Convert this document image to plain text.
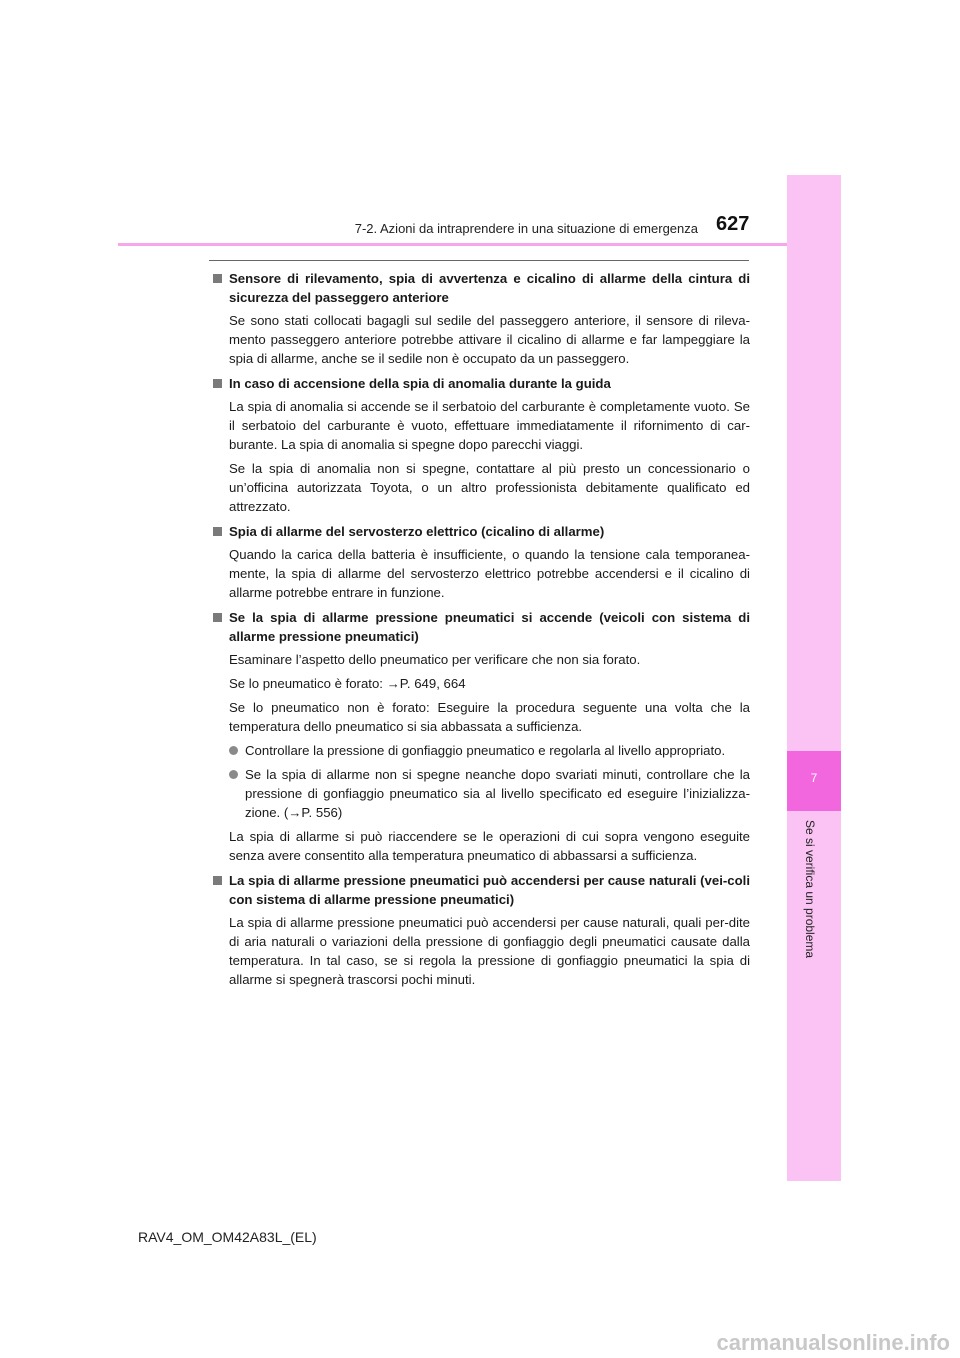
7-2. Azioni da intraprendere in una situazione di emergenza 627
7
Se si verifica un problema
Sensore di rilevamento, spia di avvertenza e cicalino di allarme della cintura di sicurezza del passeggero anteriore

Se sono stati collocati bagagli sul sedile del passeggero anteriore, il sensore di rileva-mento passeggero anteriore potrebbe attivare il cicalino di allarme e far lampeggiare la spia di allarme, anche se il sedile non è occupato da un passeggero.

In caso di accensione della spia di anomalia durante la guida

La spia di anomalia si accende se il serbatoio del carburante è completamente vuoto. Se il serbatoio del carburante è vuoto, effettuare immediatamente il rifornimento di car-burante. La spia di anomalia si spegne dopo parecchi viaggi.

Se la spia di anomalia non si spegne, contattare al più presto un concessionario o un’officina autorizzata Toyota, o un altro professionista debitamente qualificato ed attrezzato.

Spia di allarme del servosterzo elettrico (cicalino di allarme)

Quando la carica della batteria è insufficiente, o quando la tensione cala temporanea-mente, la spia di allarme del servosterzo elettrico potrebbe accendersi e il cicalino di allarme potrebbe entrare in funzione.

Se la spia di allarme pressione pneumatici si accende (veicoli con sistema di allarme pressione pneumatici)

Esaminare l’aspetto dello pneumatico per verificare che non sia forato.

Se lo pneumatico è forato: →P. 649, 664

Se lo pneumatico non è forato: Eseguire la procedura seguente una volta che la temperatura dello pneumatico si sia abbassata a sufficienza.

Controllare la pressione di gonfiaggio pneumatico e regolarla al livello appropriato.
Se la spia di allarme non si spegne neanche dopo svariati minuti, controllare che la pressione di gonfiaggio pneumatico sia al livello specificato ed eseguire l’inizializza-zione. (→P. 556)

La spia di allarme si può riaccendere se le operazioni di cui sopra vengono eseguite senza avere consentito alla temperatura pneumatico di abbassarsi a sufficienza.

La spia di allarme pressione pneumatici può accendersi per cause naturali (vei-coli con sistema di allarme pressione pneumatici)

La spia di allarme pressione pneumatici può accendersi per cause naturali, quali per-dite di aria naturali o variazioni della pressione di gonfiaggio degli pneumatici causate dalla temperatura. In tal caso, se si regola la pressione di gonfiaggio pneumatici la spia di allarme si spegnerà trascorsi pochi minuti.

RAV4_OM_OM42A83L_(EL)
carmanualsonline.info
